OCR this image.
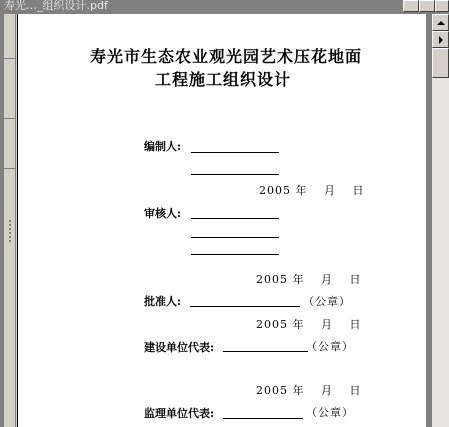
寿光…_组织设计.pdf
寿光市生态农业观光园艺术压花地面
工程施工组织设计
编制人:
2005 年　 月　 日
审核人:
2005 年　 月　 日
批准人:	（公章）
2005 年　 月　 日
建设单位代表:	（公章）
2005 年　 月　 日
监理单位代表:	（公章）
